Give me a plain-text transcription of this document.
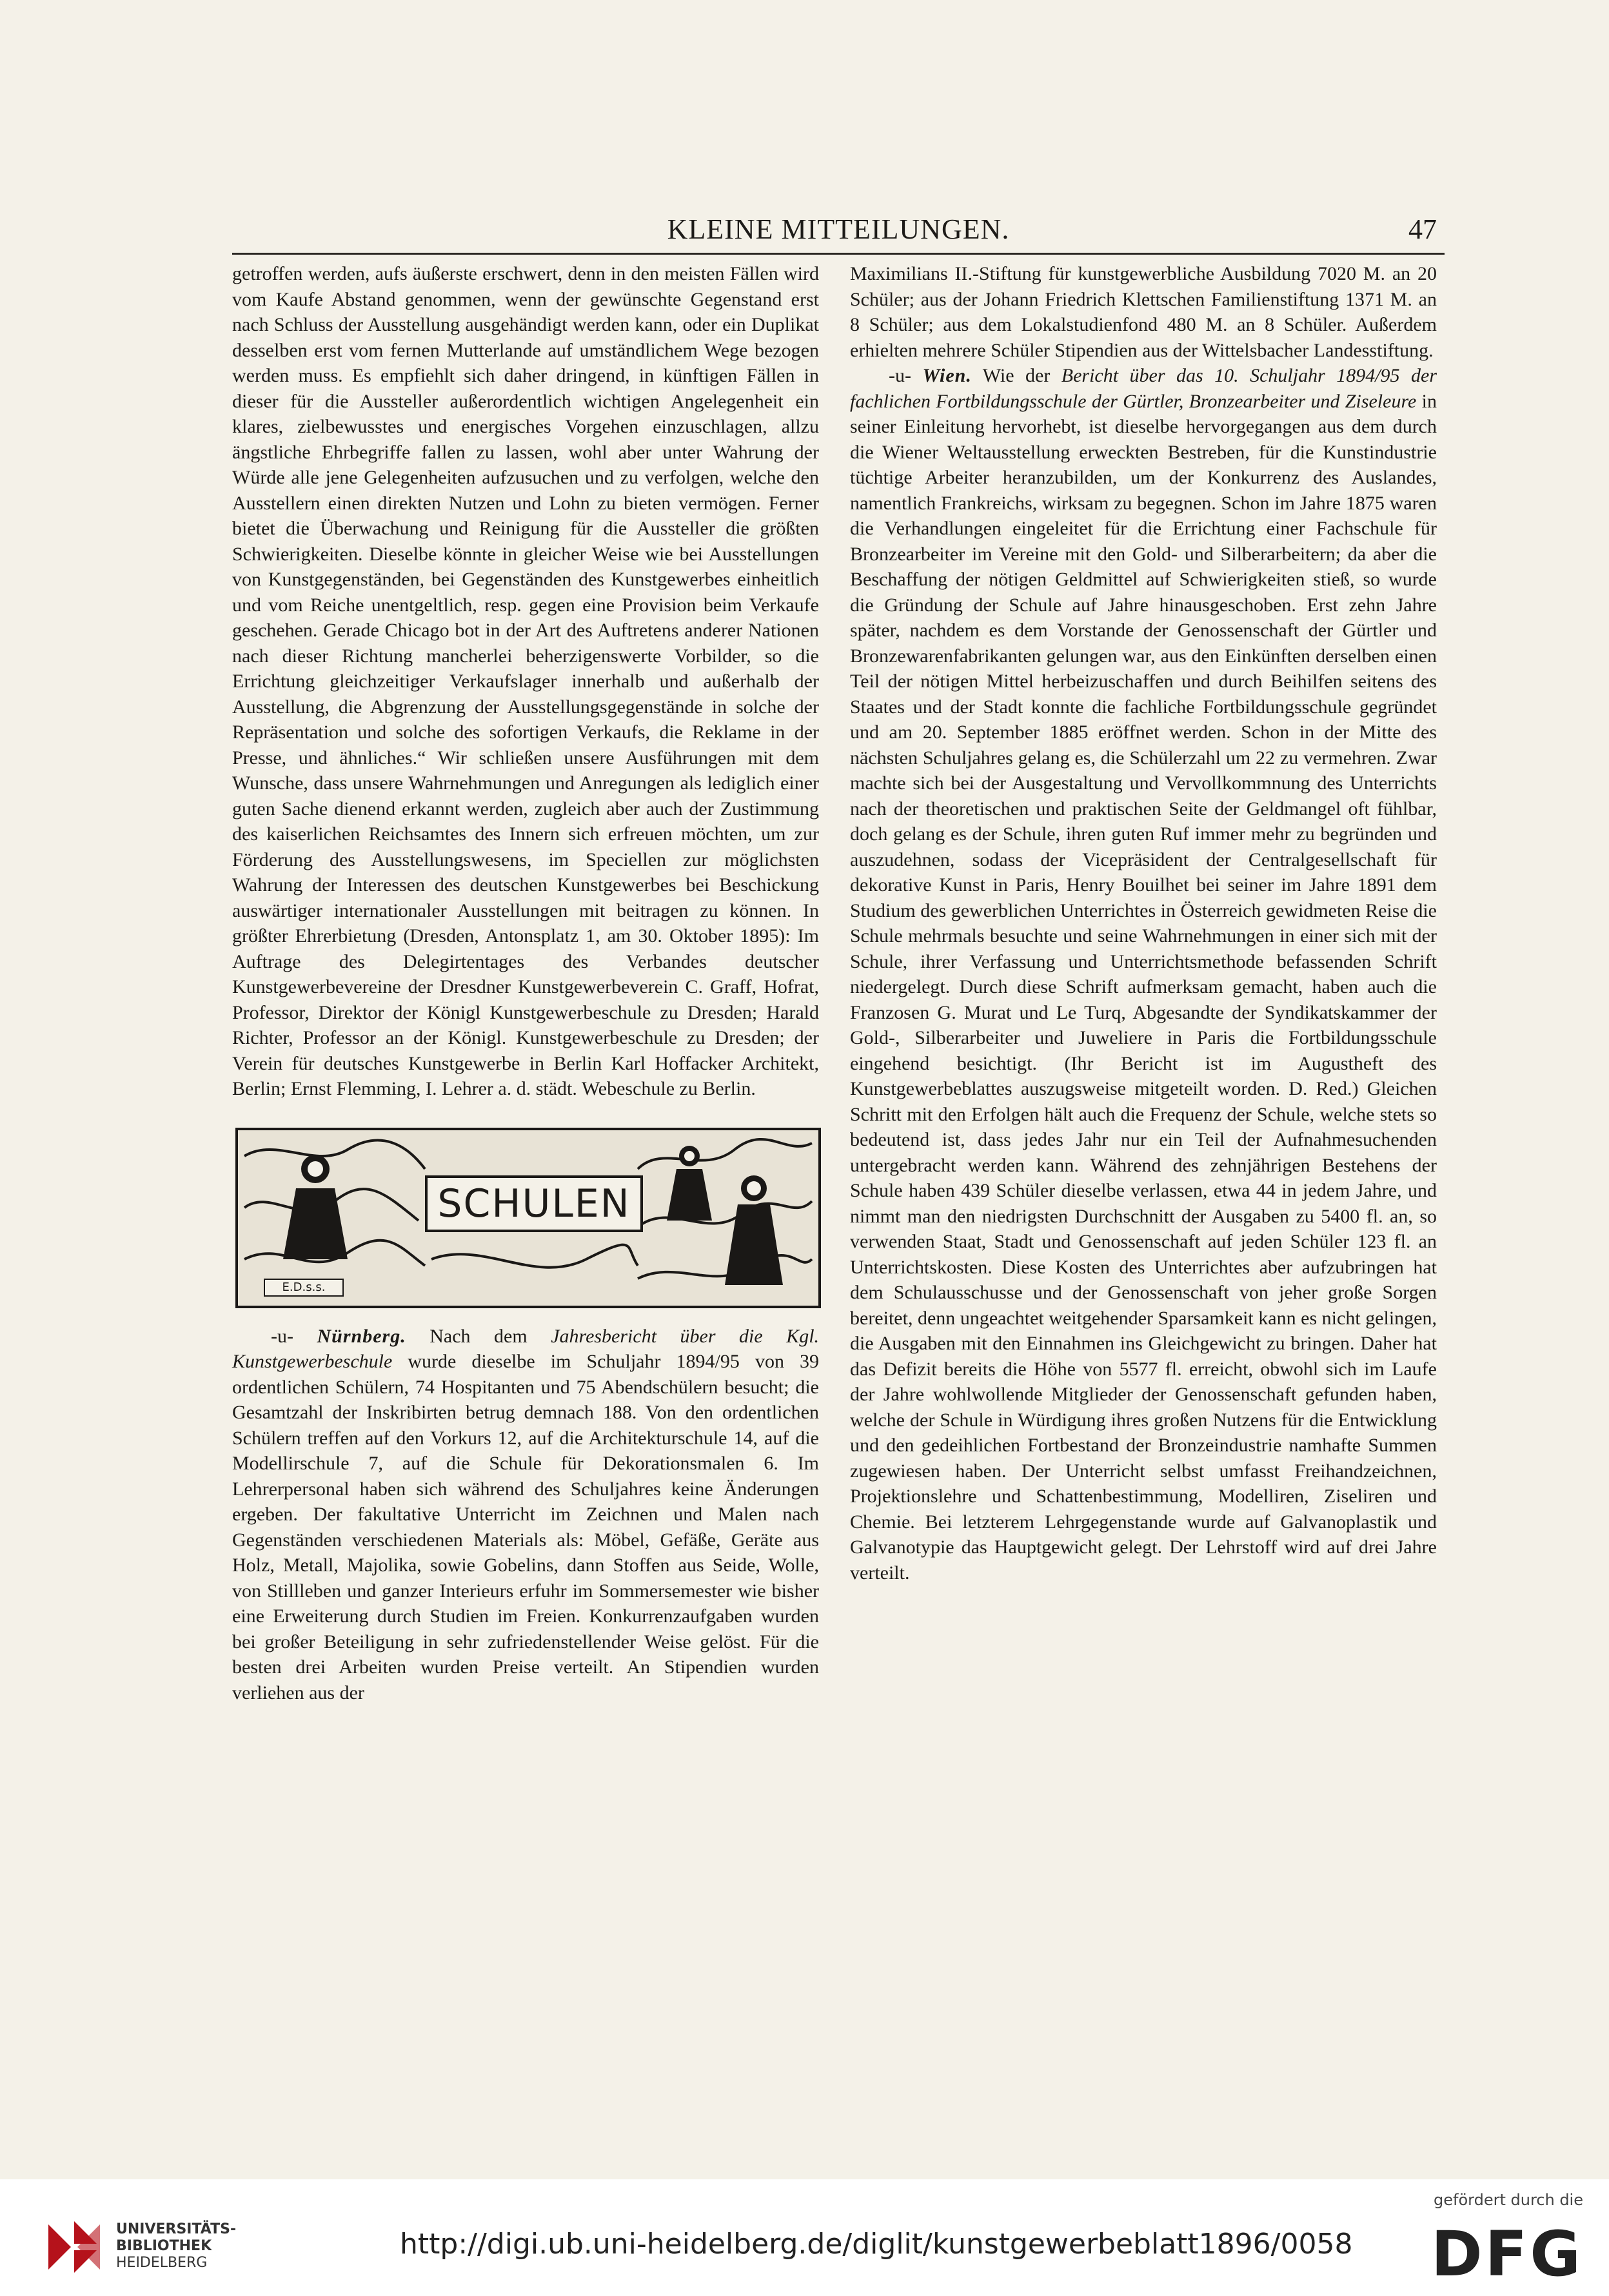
KLEINE MITTEILUNGEN.	47

getroffen werden, aufs äußerste erschwert, denn in den meisten Fällen wird vom Kaufe Abstand genommen, wenn der gewünschte Gegenstand erst nach Schluss der Ausstellung ausgehändigt werden kann, oder ein Duplikat desselben erst vom fernen Mutterlande auf umständlichem Wege bezogen werden muss. Es empfiehlt sich daher dringend, in künftigen Fällen in dieser für die Aussteller außerordentlich wichtigen Angelegenheit ein klares, zielbewusstes und energisches Vorgehen einzuschlagen, allzu ängstliche Ehrbegriffe fallen zu lassen, wohl aber unter Wahrung der Würde alle jene Gelegenheiten aufzusuchen und zu verfolgen, welche den Ausstellern einen direkten Nutzen und Lohn zu bieten vermögen. Ferner bietet die Überwachung und Reinigung für die Aussteller die größten Schwierigkeiten. Dieselbe könnte in gleicher Weise wie bei Ausstellungen von Kunstgegenständen, bei Gegenständen des Kunstgewerbes einheitlich und vom Reiche unentgeltlich, resp. gegen eine Provision beim Verkaufe geschehen. Gerade Chicago bot in der Art des Auftretens anderer Nationen nach dieser Richtung mancherlei beherzigenswerte Vorbilder, so die Errichtung gleichzeitiger Verkaufslager innerhalb und außerhalb der Ausstellung, die Abgrenzung der Ausstellungsgegenstände in solche der Repräsentation und solche des sofortigen Verkaufs, die Reklame in der Presse, und ähnliches.“ Wir schließen unsere Ausführungen mit dem Wunsche, dass unsere Wahrnehmungen und Anregungen als lediglich einer guten Sache dienend erkannt werden, zugleich aber auch der Zustimmung des kaiserlichen Reichsamtes des Innern sich erfreuen möchten, um zur Förderung des Ausstellungswesens, im Speciellen zur möglichsten Wahrung der Interessen des deutschen Kunstgewerbes bei Beschickung auswärtiger internationaler Ausstellungen mit beitragen zu können. In größter Ehrerbietung (Dresden, Antonsplatz 1, am 30. Oktober 1895): Im Auftrage des Delegirtentages des Verbandes deutscher Kunstgewerbevereine der Dresdner Kunstgewerbeverein C. Graff, Hofrat, Professor, Direktor der Königl Kunstgewerbeschule zu Dresden; Harald Richter, Professor an der Königl. Kunstgewerbeschule zu Dresden; der Verein für deutsches Kunstgewerbe in Berlin Karl Hoffacker Architekt, Berlin; Ernst Flemming, I. Lehrer a. d. städt. Webeschule zu Berlin.

SCHULEN
E.D.s.s.

-u- Nürnberg. Nach dem Jahresbericht über die Kgl. Kunstgewerbeschule wurde dieselbe im Schuljahr 1894/95 von 39 ordentlichen Schülern, 74 Hospitanten und 75 Abendschülern besucht; die Gesamtzahl der Inskribirten betrug demnach 188. Von den ordentlichen Schülern treffen auf den Vorkurs 12, auf die Architekturschule 14, auf die Modellirschule 7, auf die Schule für Dekorationsmalen 6. Im Lehrerpersonal haben sich während des Schuljahres keine Änderungen ergeben. Der fakultative Unterricht im Zeichnen und Malen nach Gegenständen verschiedenen Materials als: Möbel, Gefäße, Geräte aus Holz, Metall, Majolika, sowie Gobelins, dann Stoffen aus Seide, Wolle, von Stillleben und ganzer Interieurs erfuhr im Sommersemester wie bisher eine Erweiterung durch Studien im Freien. Konkurrenzaufgaben wurden bei großer Beteiligung in sehr zufriedenstellender Weise gelöst. Für die besten drei Arbeiten wurden Preise verteilt. An Stipendien wurden verliehen aus der

Maximilians II.-Stiftung für kunstgewerbliche Ausbildung 7020 M. an 20 Schüler; aus der Johann Friedrich Klettschen Familienstiftung 1371 M. an 8 Schüler; aus dem Lokalstudienfond 480 M. an 8 Schüler. Außerdem erhielten mehrere Schüler Stipendien aus der Wittelsbacher Landesstiftung.

-u- Wien. Wie der Bericht über das 10. Schuljahr 1894/95 der fachlichen Fortbildungsschule der Gürtler, Bronzearbeiter und Ziseleure in seiner Einleitung hervorhebt, ist dieselbe hervorgegangen aus dem durch die Wiener Weltausstellung erweckten Bestreben, für die Kunstindustrie tüchtige Arbeiter heranzubilden, um der Konkurrenz des Auslandes, namentlich Frankreichs, wirksam zu begegnen. Schon im Jahre 1875 waren die Verhandlungen eingeleitet für die Errichtung einer Fachschule für Bronzearbeiter im Vereine mit den Gold- und Silberarbeitern; da aber die Beschaffung der nötigen Geldmittel auf Schwierigkeiten stieß, so wurde die Gründung der Schule auf Jahre hinausgeschoben. Erst zehn Jahre später, nachdem es dem Vorstande der Genossenschaft der Gürtler und Bronzewarenfabrikanten gelungen war, aus den Einkünften derselben einen Teil der nötigen Mittel herbeizuschaffen und durch Beihilfen seitens des Staates und der Stadt konnte die fachliche Fortbildungsschule gegründet und am 20. September 1885 eröffnet werden. Schon in der Mitte des nächsten Schuljahres gelang es, die Schülerzahl um 22 zu vermehren. Zwar machte sich bei der Ausgestaltung und Vervollkommnung des Unterrichts nach der theoretischen und praktischen Seite der Geldmangel oft fühlbar, doch gelang es der Schule, ihren guten Ruf immer mehr zu begründen und auszudehnen, sodass der Vicepräsident der Centralgesellschaft für dekorative Kunst in Paris, Henry Bouilhet bei seiner im Jahre 1891 dem Studium des gewerblichen Unterrichtes in Österreich gewidmeten Reise die Schule mehrmals besuchte und seine Wahrnehmungen in einer sich mit der Schule, ihrer Verfassung und Unterrichtsmethode befassenden Schrift niedergelegt. Durch diese Schrift aufmerksam gemacht, haben auch die Franzosen G. Murat und Le Turq, Abgesandte der Syndikatskammer der Gold-, Silberarbeiter und Juweliere in Paris die Fortbildungsschule eingehend besichtigt. (Ihr Bericht ist im Augustheft des Kunstgewerbeblattes auszugsweise mitgeteilt worden. D. Red.) Gleichen Schritt mit den Erfolgen hält auch die Frequenz der Schule, welche stets so bedeutend ist, dass jedes Jahr nur ein Teil der Aufnahmesuchenden untergebracht werden kann. Während des zehnjährigen Bestehens der Schule haben 439 Schüler dieselbe verlassen, etwa 44 in jedem Jahre, und nimmt man den niedrigsten Durchschnitt der Ausgaben zu 5400 fl. an, so verwenden Staat, Stadt und Genossenschaft auf jeden Schüler 123 fl. an Unterrichtskosten. Diese Kosten des Unterrichtes aber aufzubringen hat dem Schulausschusse und der Genossenschaft von jeher große Sorgen bereitet, denn ungeachtet weitgehender Sparsamkeit kann es nicht gelingen, die Ausgaben mit den Einnahmen ins Gleichgewicht zu bringen. Daher hat das Defizit bereits die Höhe von 5577 fl. erreicht, obwohl sich im Laufe der Jahre wohlwollende Mitglieder der Genossenschaft gefunden haben, welche der Schule in Würdigung ihres großen Nutzens für die Entwicklung und den gedeihlichen Fortbestand der Bronzeindustrie namhafte Summen zugewiesen haben. Der Unterricht selbst umfasst Freihandzeichnen, Projektionslehre und Schattenbestimmung, Modelliren, Ziseliren und Chemie. Bei letzterem Lehrgegenstande wurde auf Galvanoplastik und Galvanotypie das Hauptgewicht gelegt. Der Lehrstoff wird auf drei Jahre verteilt.

UNIVERSITÄTS-
BIBLIOTHEK
HEIDELBERG
http://digi.ub.uni-heidelberg.de/diglit/kunstgewerbeblatt1896/0058
gefördert durch die
DFG
